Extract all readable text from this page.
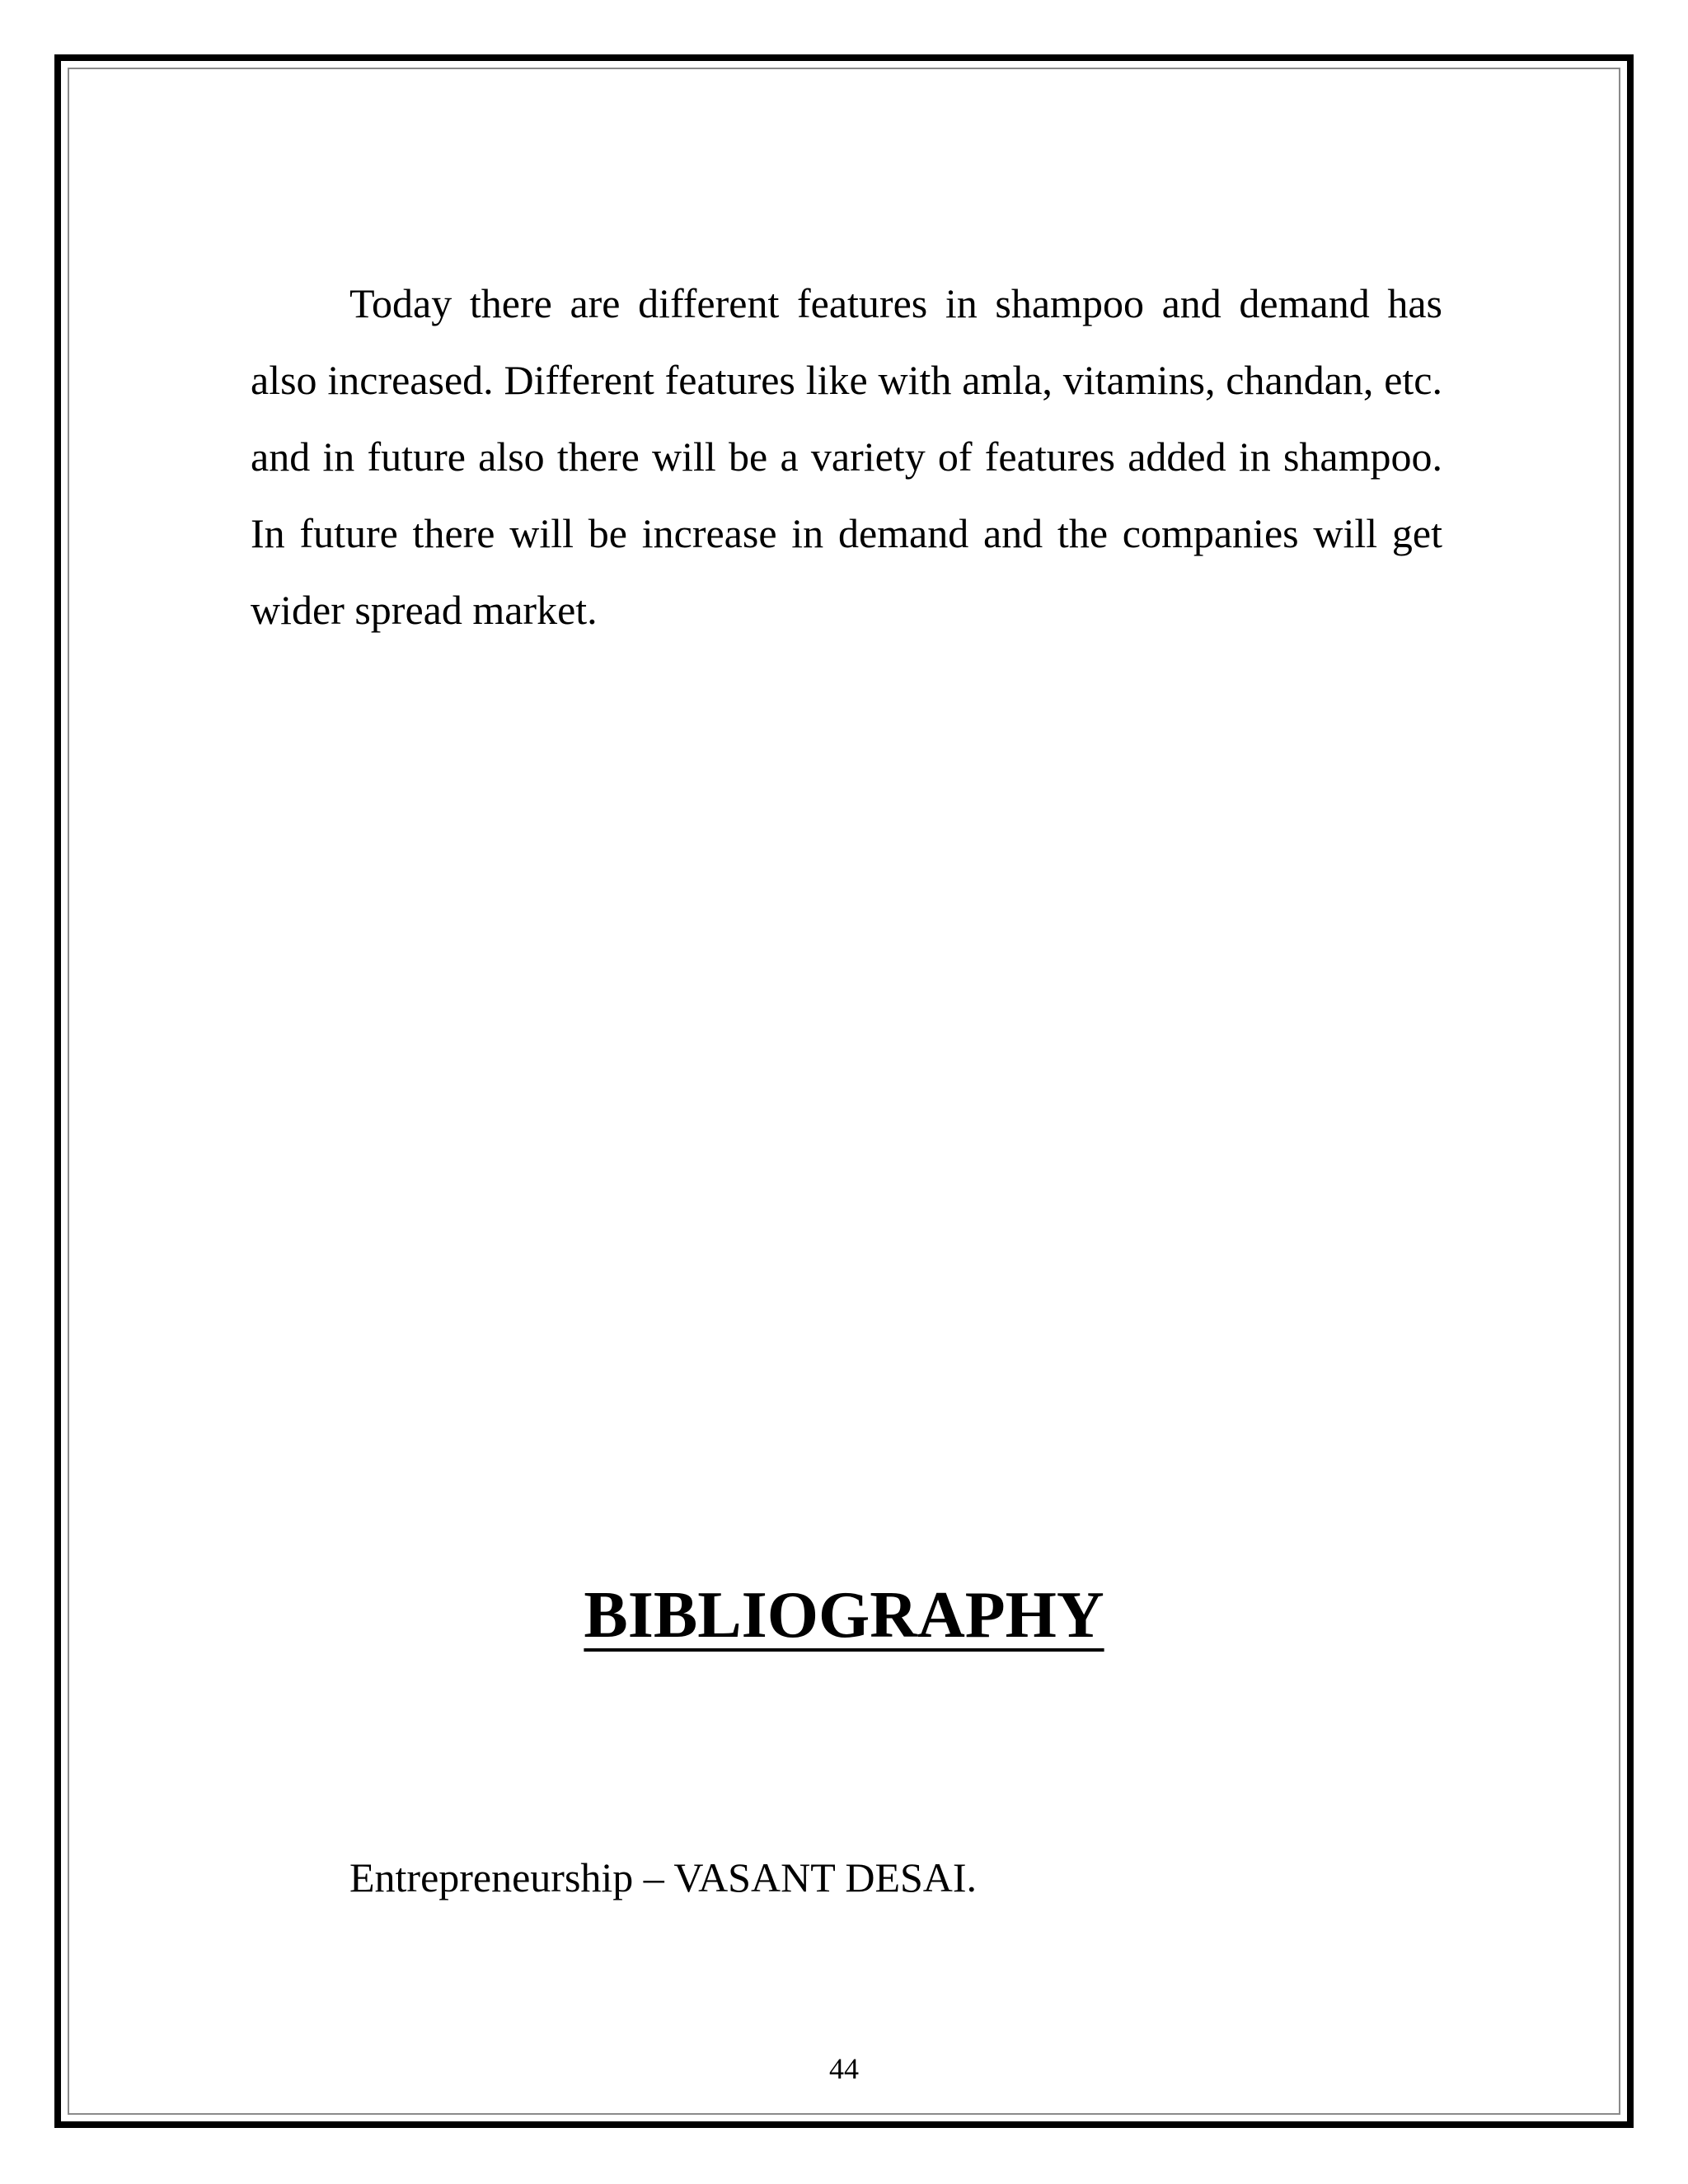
Today there are different features in shampoo and demand has also increased. Different features like with amla, vitamins, chandan, etc. and in future also there will be a variety of features added in shampoo. In future there will be increase in demand and the companies will get wider spread market.

BIBLIOGRAPHY

Entrepreneurship – VASANT DESAI.

44
